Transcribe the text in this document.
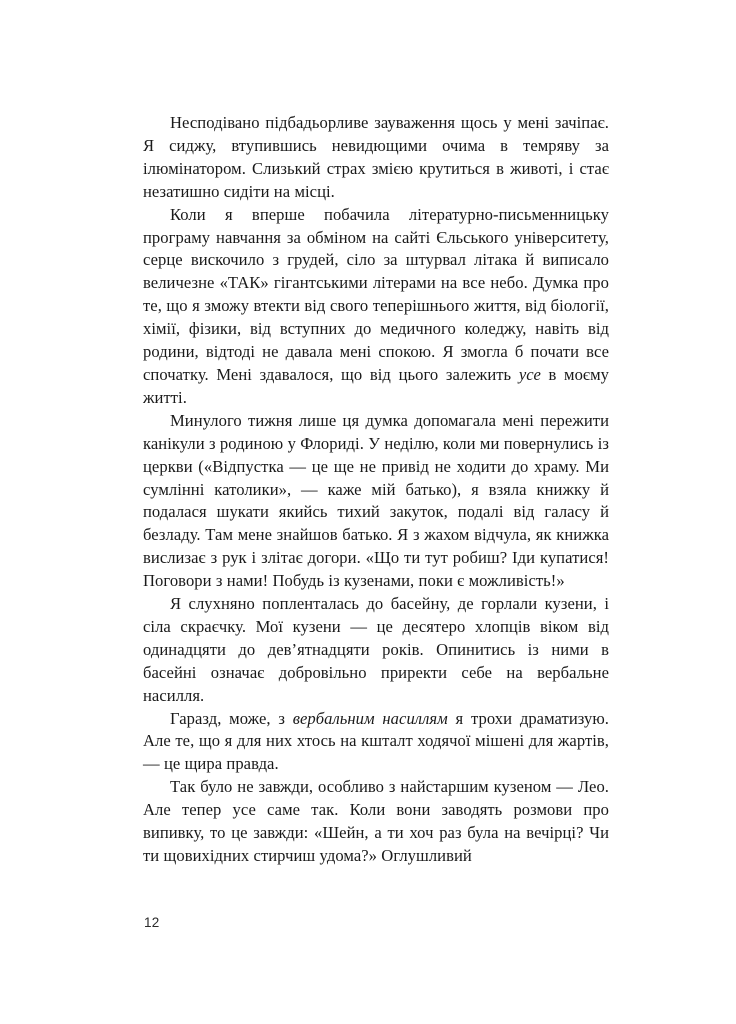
Несподівано підбадьорливе зауваження щось у мені зачіпає. Я сиджу, втупившись невидющими очима в темряву за ілюмінатором. Слизький страх змією крутиться в животі, і стає незатишно сидіти на місці.

Коли я вперше побачила літературно-письменницьку програму навчання за обміном на сайті Єльського університету, серце вискочило з грудей, сіло за штурвал літака й виписало величезне «ТАК» гігантськими літерами на все небо. Думка про те, що я зможу втекти від свого теперішнього життя, від біології, хімії, фізики, від вступних до медичного коледжу, навіть від родини, відтоді не давала мені спокою. Я змогла б почати все спочатку. Мені здавалося, що від цього залежить усе в моєму житті.

Минулого тижня лише ця думка допомагала мені пережити канікули з родиною у Флориді. У неділю, коли ми повернулись із церкви («Відпустка — це ще не привід не ходити до храму. Ми сумлінні католики», — каже мій батько), я взяла книжку й подалася шукати якийсь тихий закуток, подалі від галасу й безладу. Там мене знайшов батько. Я з жахом відчула, як книжка вислизає з рук і злітає догори. «Що ти тут робиш? Іди купатися! Поговори з нами! Побудь із кузенами, поки є можливість!»

Я слухняно попленталась до басейну, де горлали кузени, і сіла скраєчку. Мої кузени — це десятеро хлопців віком від одинадцяти до дев’ятнадцяти років. Опинитись із ними в басейні означає добровільно приректи себе на вербальне насилля.

Гаразд, може, з вербальним насиллям я трохи драматизую. Але те, що я для них хтось на кшталт ходячої мішені для жартів, — це щира правда.

Так було не завжди, особливо з найстаршим кузеном — Лео. Але тепер усе саме так. Коли вони заводять розмови про випивку, то це завжди: «Шейн, а ти хоч раз була на вечірці? Чи ти щовихідних стирчиш удома?» Оглушливий

12
